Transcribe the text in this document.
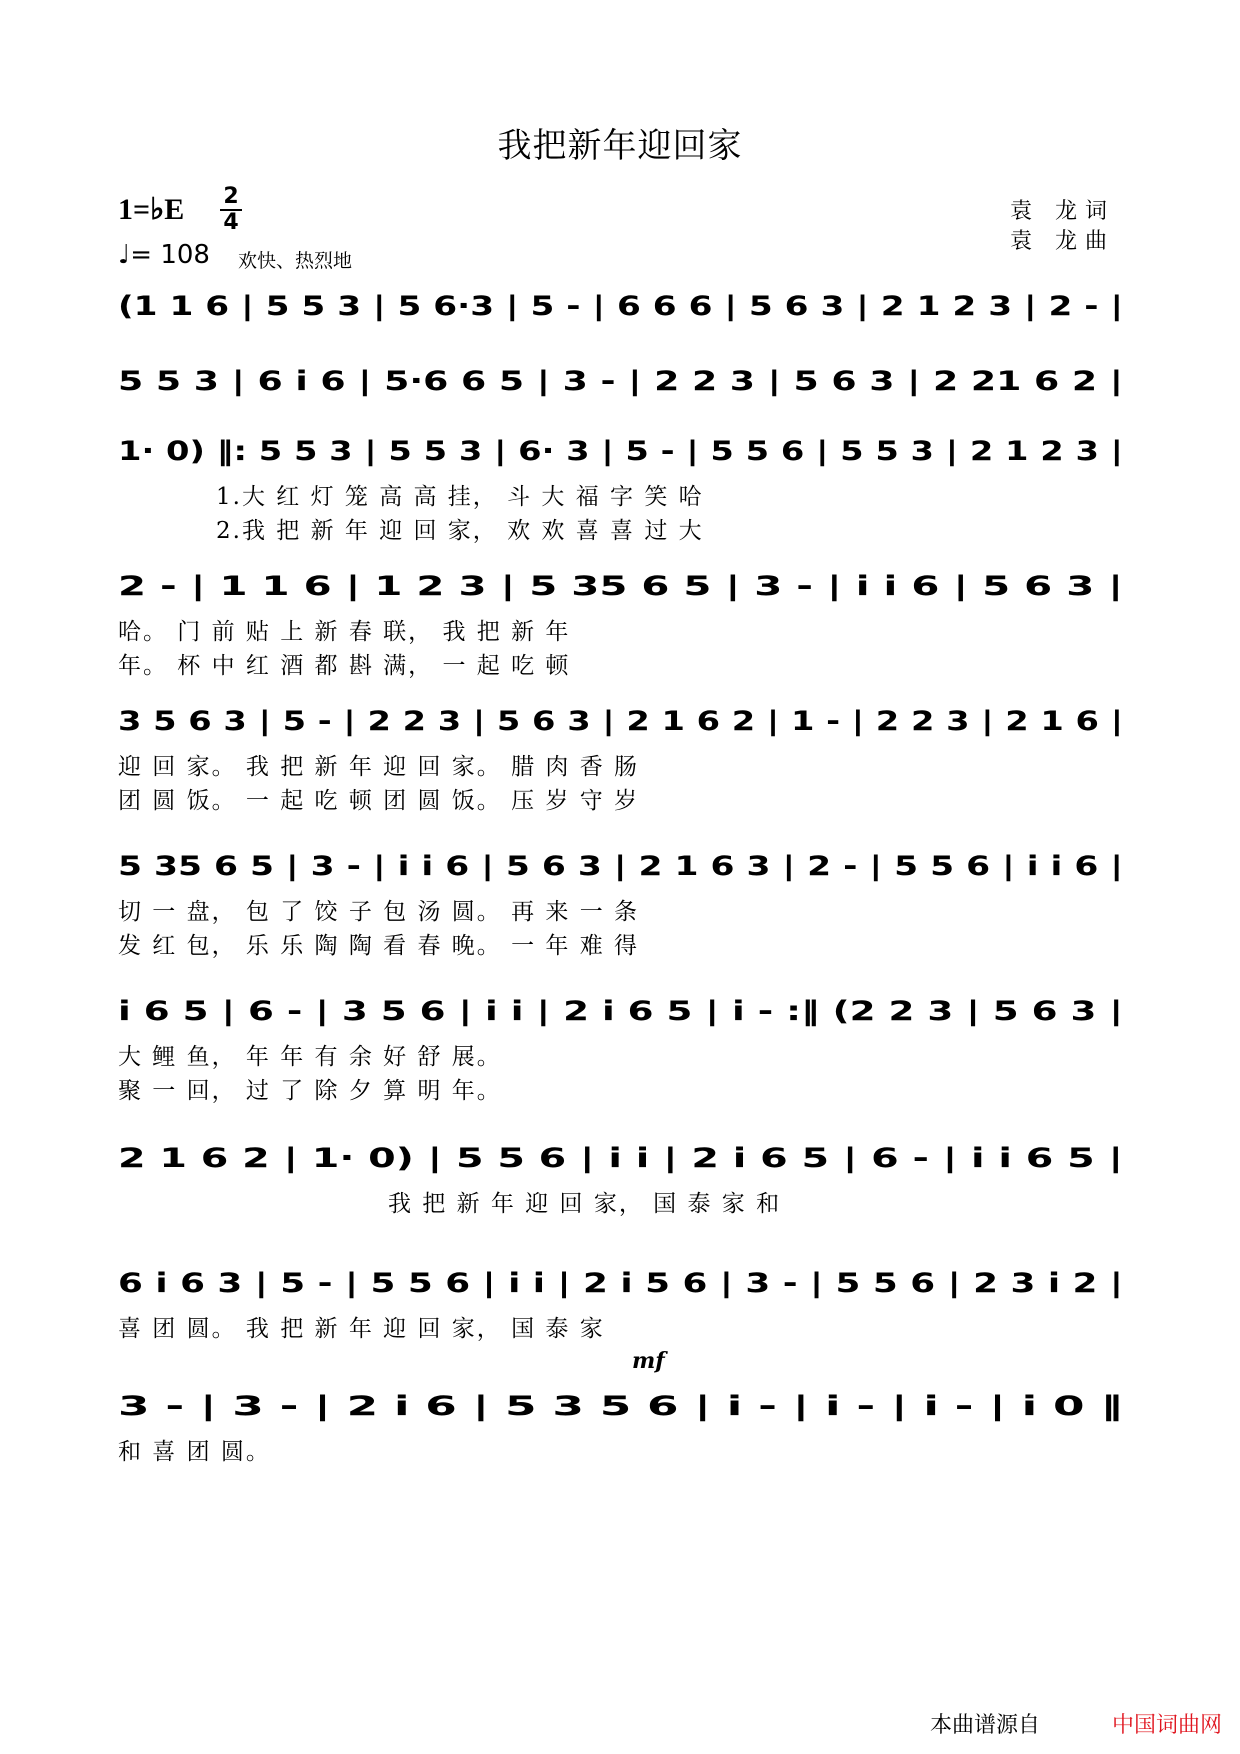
我把新年迎回家
1=♭E 2
4
♩= 108 欢快、热烈地
袁 龙词
袁 龙曲
(1 1 6 | 5 5 3 | 5 6·3 | 5 - | 6 6 6 | 5 6 3 | 2 1 2 3 | 2 - |
5 5 3 | 6 i 6 | 5·6 6 5 | 3 - | 2 2 3 | 5 6 3 | 2 21 6 2 |
1· 0) ‖: 5 5 3 | 5 5 3 | 6· 3 | 5 - | 5 5 6 | 5 5 3 | 2 1 2 3 |
1.大 红 灯 笼 高 高 挂， 斗 大 福 字 笑 哈
2.我 把 新 年 迎 回 家， 欢 欢 喜 喜 过 大
2 - | 1 1 6 | 1 2 3 | 5 35 6 5 | 3 - | i i 6 | 5 6 3 |
哈。 门 前 贴 上 新 春 联， 我 把 新 年
年。 杯 中 红 酒 都 斟 满， 一 起 吃 顿
3 5 6 3 | 5 - | 2 2 3 | 5 6 3 | 2 1 6 2 | 1 - | 2 2 3 | 2 1 6 |
迎 回 家。 我 把 新 年 迎 回 家。 腊 肉 香 肠
团 圆 饭。 一 起 吃 顿 团 圆 饭。 压 岁 守 岁
5 35 6 5 | 3 - | i i 6 | 5 6 3 | 2 1 6 3 | 2 - | 5 5 6 | i i 6 |
切 一 盘， 包 了 饺 子 包 汤 圆。 再 来 一 条
发 红 包， 乐 乐 陶 陶 看 春 晚。 一 年 难 得
i 6 5 | 6 - | 3 5 6 | i i | 2 i 6 5 | i - :‖ (2 2 3 | 5 6 3 |
大 鲤 鱼， 年 年 有 余 好 舒 展。
聚 一 回， 过 了 除 夕 算 明 年。
2 1 6 2 | 1· 0) | 5 5 6 | i i | 2 i 6 5 | 6 - | i i 6 5 |
我 把 新 年 迎 回 家， 国 泰 家 和
6 i 6 3 | 5 - | 5 5 6 | i i | 2 i 5 6 | 3 - | 5 5 6 | 2 3 i 2 |
喜 团 圆。 我 把 新 年 迎 回 家， 国 泰 家
3 - | 3 - | 2 i 6 | 5 3 5 6 | i - | i - | i - | i 0 ‖
和 喜 团 圆。
mf
本曲谱源自	中国词曲网
